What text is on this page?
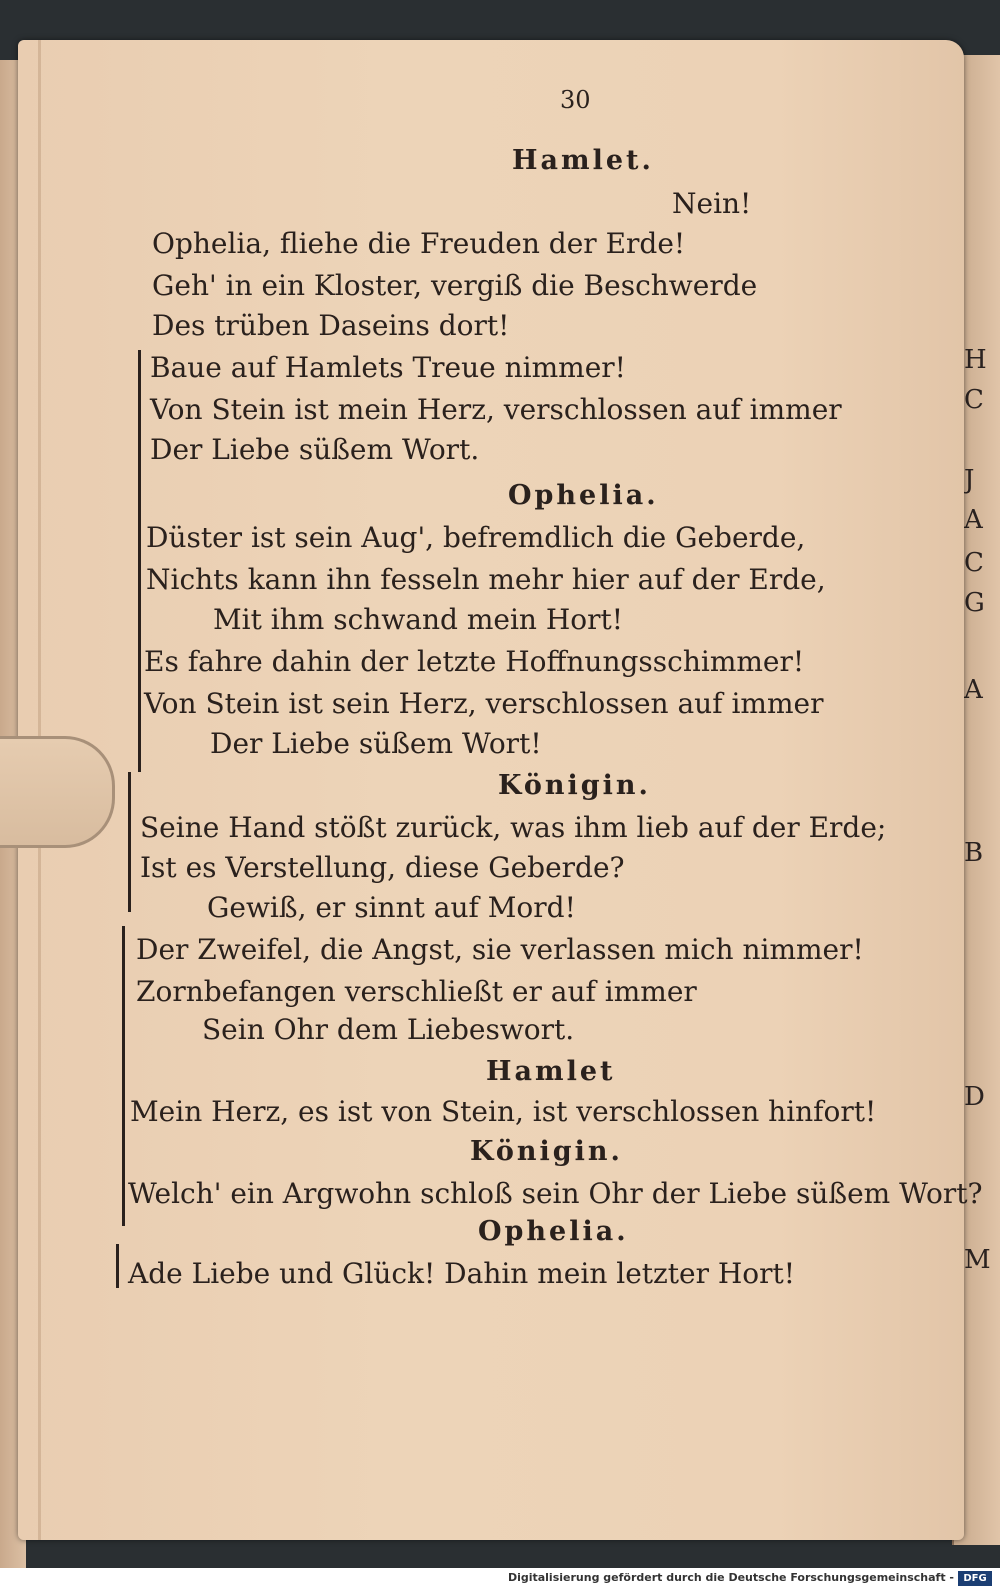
H
C
J
A
C
G
A
B
D
M
30
Hamlet.
Nein!
Ophelia, fliehe die Freuden der Erde!
Geh' in ein Kloster, vergiß die Beschwerde
Des trüben Daseins dort!
Baue auf Hamlets Treue nimmer!
Von Stein ist mein Herz, verschlossen auf immer
Der Liebe süßem Wort.
Ophelia.
Düster ist sein Aug', befremdlich die Geberde,
Nichts kann ihn fesseln mehr hier auf der Erde,
Mit ihm schwand mein Hort!
Es fahre dahin der letzte Hoffnungsschimmer!
Von Stein ist sein Herz, verschlossen auf immer
Der Liebe süßem Wort!
Königin.
Seine Hand stößt zurück, was ihm lieb auf der Erde;
Ist es Verstellung, diese Geberde?
Gewiß, er sinnt auf Mord!
Der Zweifel, die Angst, sie verlassen mich nimmer!
Zornbefangen verschließt er auf immer
Sein Ohr dem Liebeswort.
Hamlet
Mein Herz, es ist von Stein, ist verschlossen hinfort!
Königin.
Welch' ein Argwohn schloß sein Ohr der Liebe süßem Wort?
Ophelia.
Ade Liebe und Glück! Dahin mein letzter Hort!
Digitalisierung gefördert durch die Deutsche Forschungsgemeinschaft - DFG
